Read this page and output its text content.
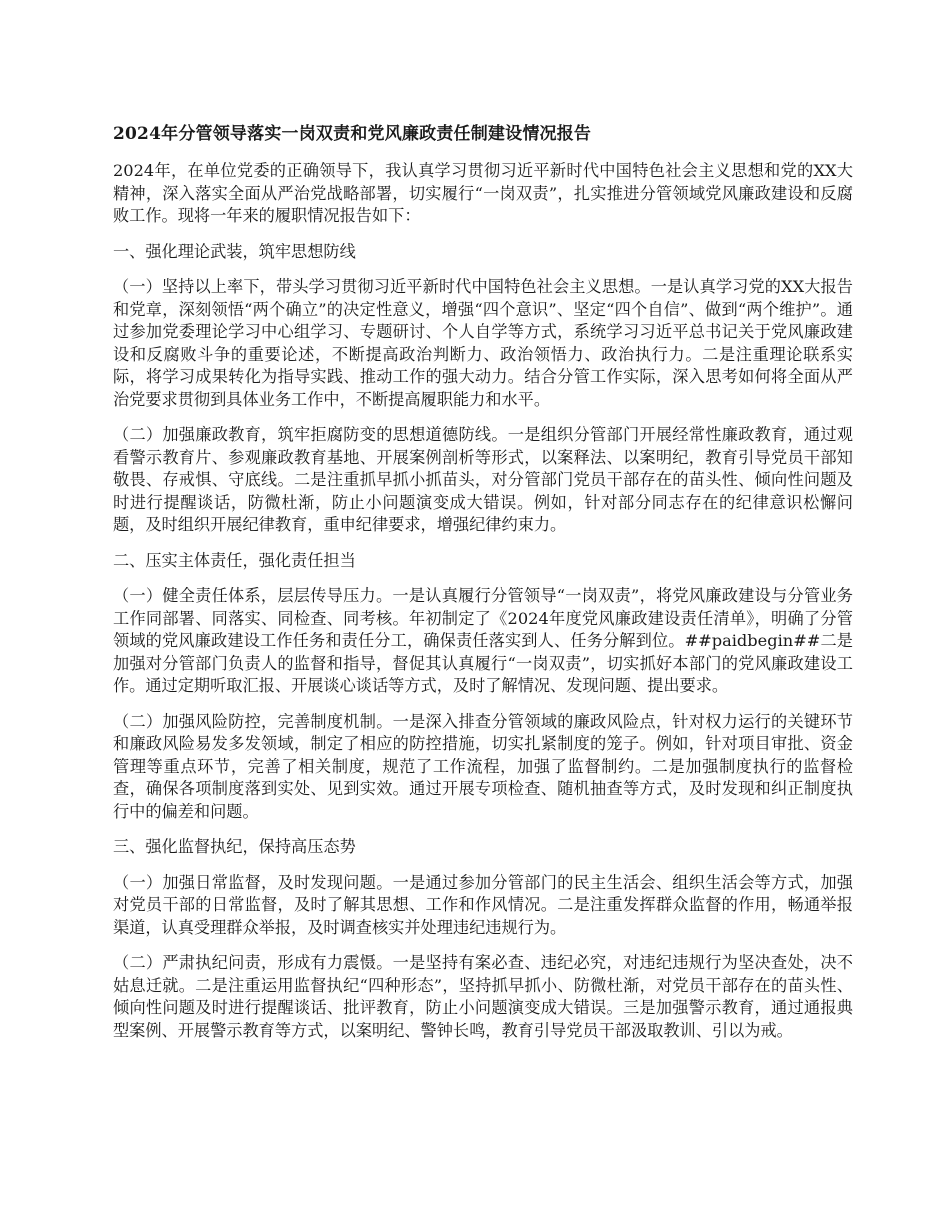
2024年分管领导落实一岗双责和党风廉政责任制建设情况报告

2024年，在单位党委的正确领导下，我认真学习贯彻习近平新时代中国特色社会主义思想和党的XX大精神，深入落实全面从严治党战略部署，切实履行“一岗双责”，扎实推进分管领域党风廉政建设和反腐败工作。现将一年来的履职情况报告如下：

一、强化理论武装，筑牢思想防线

（一）坚持以上率下，带头学习贯彻习近平新时代中国特色社会主义思想。一是认真学习党的XX大报告和党章，深刻领悟“两个确立”的决定性意义，增强“四个意识”、坚定“四个自信”、做到“两个维护”。通过参加党委理论学习中心组学习、专题研讨、个人自学等方式，系统学习习近平总书记关于党风廉政建设和反腐败斗争的重要论述，不断提高政治判断力、政治领悟力、政治执行力。二是注重理论联系实际，将学习成果转化为指导实践、推动工作的强大动力。结合分管工作实际，深入思考如何将全面从严治党要求贯彻到具体业务工作中，不断提高履职能力和水平。

（二）加强廉政教育，筑牢拒腐防变的思想道德防线。一是组织分管部门开展经常性廉政教育，通过观看警示教育片、参观廉政教育基地、开展案例剖析等形式，以案释法、以案明纪，教育引导党员干部知敬畏、存戒惧、守底线。二是注重抓早抓小抓苗头，对分管部门党员干部存在的苗头性、倾向性问题及时进行提醒谈话，防微杜渐，防止小问题演变成大错误。例如，针对部分同志存在的纪律意识松懈问题，及时组织开展纪律教育，重申纪律要求，增强纪律约束力。

二、压实主体责任，强化责任担当

（一）健全责任体系，层层传导压力。一是认真履行分管领导“一岗双责”，将党风廉政建设与分管业务工作同部署、同落实、同检查、同考核。年初制定了《2024年度党风廉政建设责任清单》，明确了分管领域的党风廉政建设工作任务和责任分工，确保责任落实到人、任务分解到位。##paidbegin##二是加强对分管部门负责人的监督和指导，督促其认真履行“一岗双责”，切实抓好本部门的党风廉政建设工作。通过定期听取汇报、开展谈心谈话等方式，及时了解情况、发现问题、提出要求。

（二）加强风险防控，完善制度机制。一是深入排查分管领域的廉政风险点，针对权力运行的关键环节和廉政风险易发多发领域，制定了相应的防控措施，切实扎紧制度的笼子。例如，针对项目审批、资金管理等重点环节，完善了相关制度，规范了工作流程，加强了监督制约。二是加强制度执行的监督检查，确保各项制度落到实处、见到实效。通过开展专项检查、随机抽查等方式，及时发现和纠正制度执行中的偏差和问题。

三、强化监督执纪，保持高压态势

（一）加强日常监督，及时发现问题。一是通过参加分管部门的民主生活会、组织生活会等方式，加强对党员干部的日常监督，及时了解其思想、工作和作风情况。二是注重发挥群众监督的作用，畅通举报渠道，认真受理群众举报，及时调查核实并处理违纪违规行为。

（二）严肃执纪问责，形成有力震慑。一是坚持有案必查、违纪必究，对违纪违规行为坚决查处，决不姑息迁就。二是注重运用监督执纪“四种形态”，坚持抓早抓小、防微杜渐，对党员干部存在的苗头性、倾向性问题及时进行提醒谈话、批评教育，防止小问题演变成大错误。三是加强警示教育，通过通报典型案例、开展警示教育等方式，以案明纪、警钟长鸣，教育引导党员干部汲取教训、引以为戒。
